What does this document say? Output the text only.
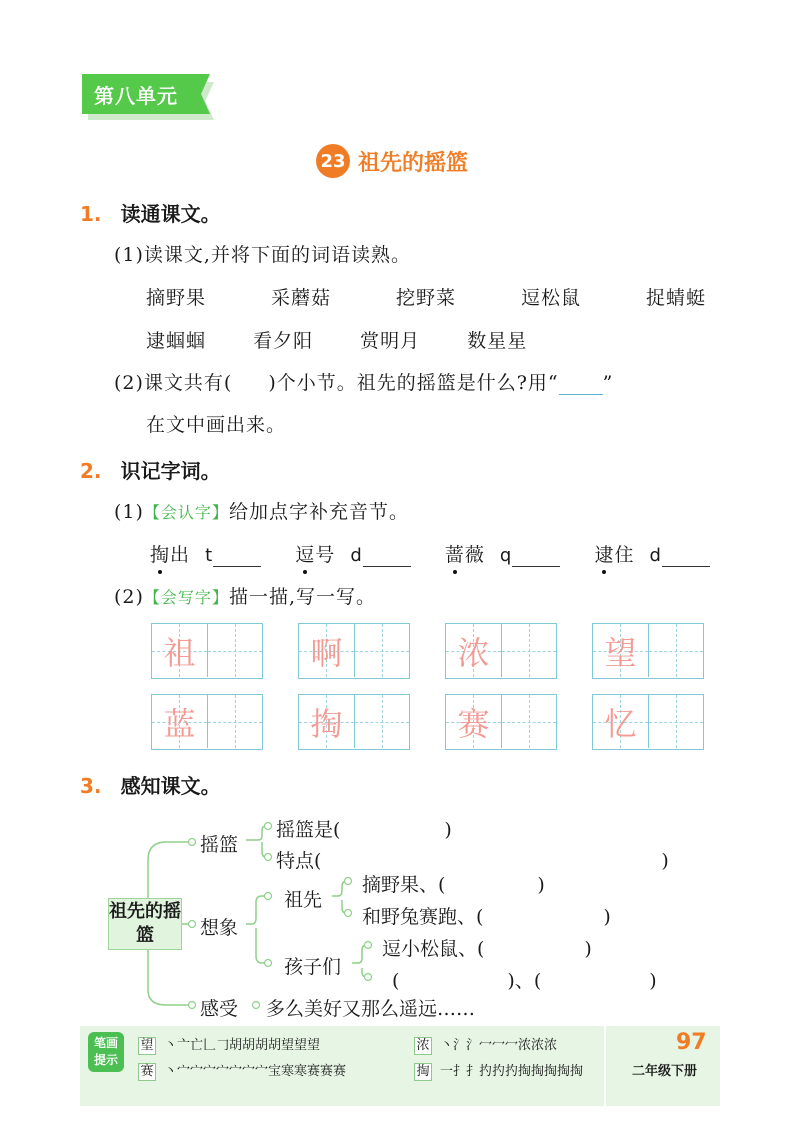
第八单元
23 祖先的摇篮
1. 读通课文。
(1)读课文,并将下面的词语读熟。
摘野果	采蘑菇	挖野菜	逗松鼠	捉蜻蜓
逮蝈蝈 看夕阳 赏明月 数星星
(2)课文共有( )个小节。祖先的摇篮是什么?用“ ”
在文中画出来。
2. 识记字词。
(1)【会认字】给加点字补充音节。
掏出 t	逗号 d	蔷薇 q	逮住 d
(2)【会写字】描一描,写一写。
祖	啊	浓	望
蓝	掏	赛	忆
3. 感知课文。
祖先的摇篮
摇篮
摇篮是(	)
特点(	)
想象
祖先
摘野果、(	)
和野兔赛跑、(	)
孩子们
逗小松鼠、(	)
(	)、(	)
感受 多么美好又那么遥远……
笔画
提示
望 丶亠亡𠃊𠃌胡胡胡胡望望望	浓 丶氵氵冖冖冖浓浓浓
赛 丶宀宀宀宀宀宀宀宝寒寒赛赛赛	掏 一扌扌扚扚扚掏掏掏掏掏
97
二年级下册
